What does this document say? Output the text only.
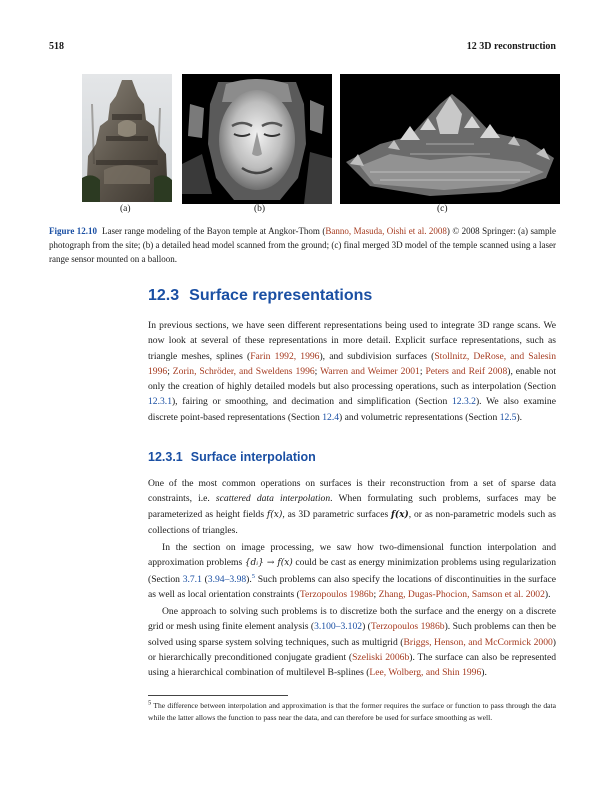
518	12 3D reconstruction
(a)	(b)	(c)
Figure 12.10 Laser range modeling of the Bayon temple at Angkor-Thom (Banno, Masuda, Oishi et al. 2008) © 2008 Springer: (a) sample photograph from the site; (b) a detailed head model scanned from the ground; (c) final merged 3D model of the temple scanned using a laser range sensor mounted on a balloon.
12.3 Surface representations
In previous sections, we have seen different representations being used to integrate 3D range scans. We now look at several of these representations in more detail. Explicit surface representations, such as triangle meshes, splines (Farin 1992, 1996), and subdivision surfaces (Stollnitz, DeRose, and Salesin 1996; Zorin, Schröder, and Sweldens 1996; Warren and Weimer 2001; Peters and Reif 2008), enable not only the creation of highly detailed models but also processing operations, such as interpolation (Section 12.3.1), fairing or smoothing, and decimation and simplification (Section 12.3.2). We also examine discrete point-based representations (Section 12.4) and volumetric representations (Section 12.5).
12.3.1 Surface interpolation
One of the most common operations on surfaces is their reconstruction from a set of sparse data constraints, i.e. scattered data interpolation. When formulating such problems, surfaces may be parameterized as height fields f(x), as 3D parametric surfaces f(x), or as non-parametric models such as collections of triangles.
In the section on image processing, we saw how two-dimensional function interpolation and approximation problems {dᵢ} → f(x) could be cast as energy minimization problems using regularization (Section 3.7.1 (3.94–3.98).$^5$ Such problems can also specify the locations of discontinuities in the surface as well as local orientation constraints (Terzopoulos 1986b; Zhang, Dugas-Phocion, Samson et al. 2002).
One approach to solving such problems is to discretize both the surface and the energy on a discrete grid or mesh using finite element analysis (3.100–3.102) (Terzopoulos 1986b). Such problems can then be solved using sparse system solving techniques, such as multigrid (Briggs, Henson, and McCormick 2000) or hierarchically preconditioned conjugate gradient (Szeliski 2006b). The surface can also be represented using a hierarchical combination of multilevel B-splines (Lee, Wolberg, and Shin 1996).
$^5$ The difference between interpolation and approximation is that the former requires the surface or function to pass through the data while the latter allows the function to pass near the data, and can therefore be used for surface smoothing as well.
